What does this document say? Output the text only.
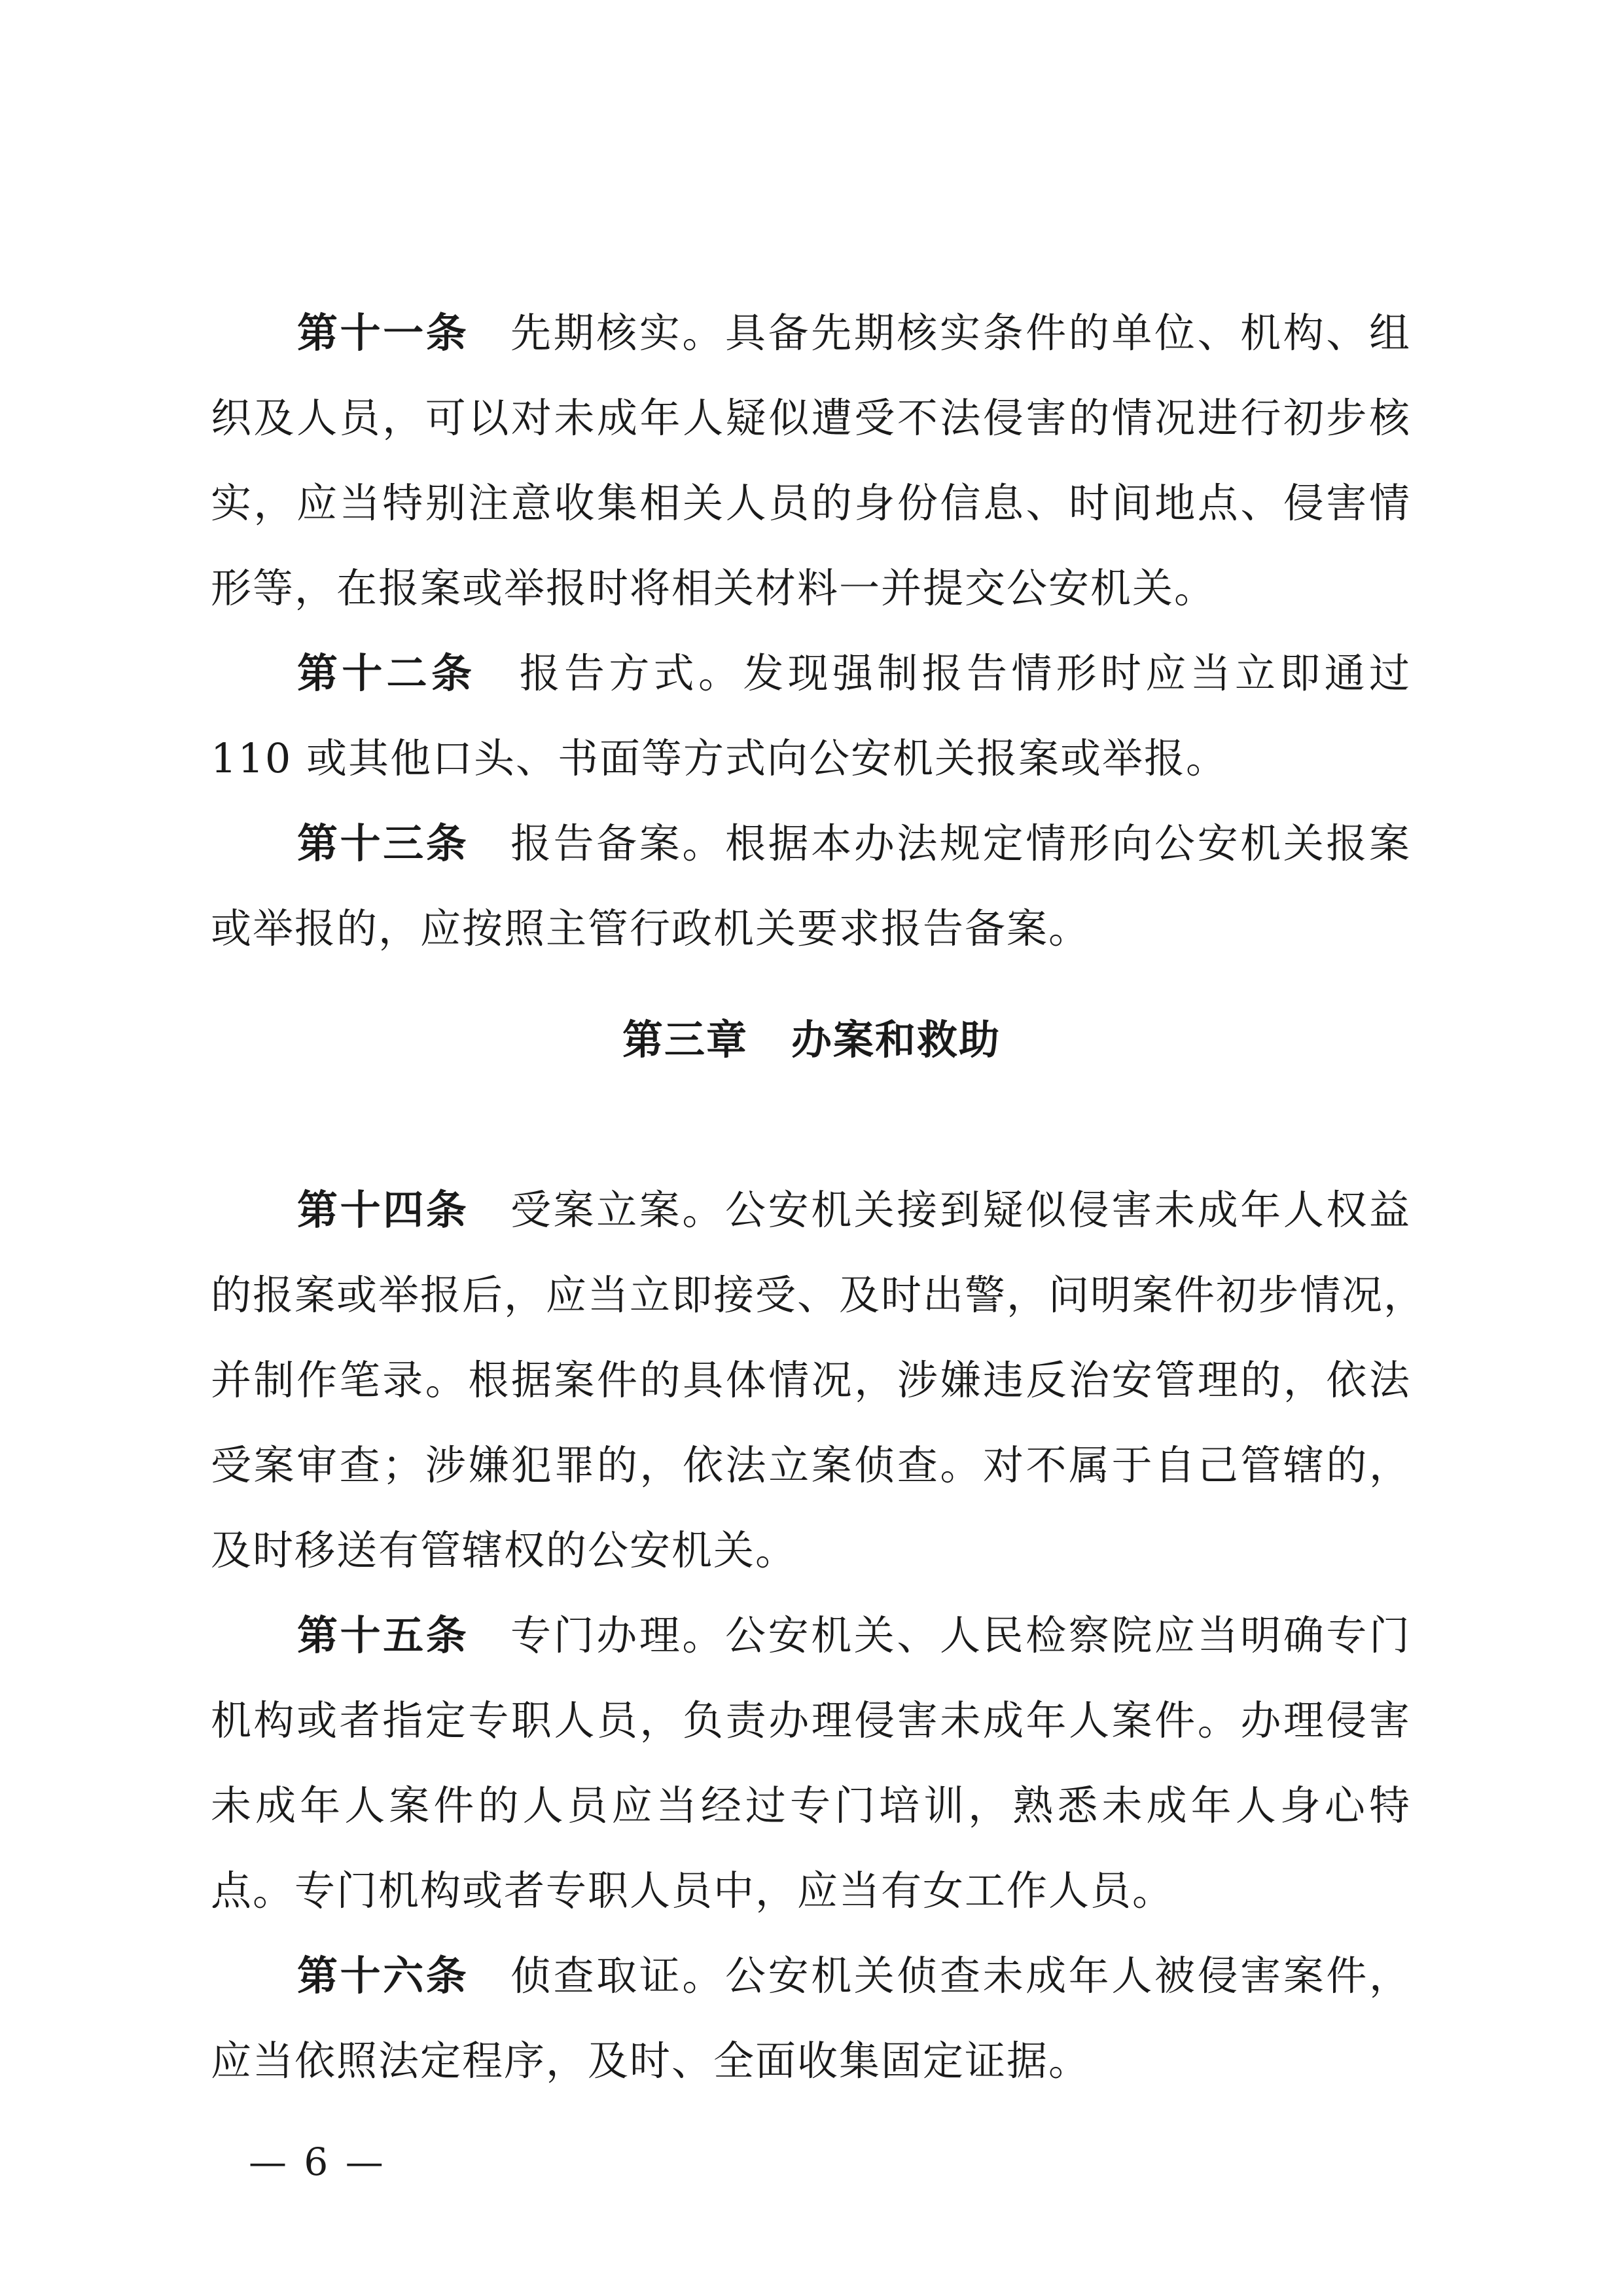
第十一条 先期核实。具备先期核实条件的单位、机构、组
织及人员，可以对未成年人疑似遭受不法侵害的情况进行初步核
实，应当特别注意收集相关人员的身份信息、时间地点、侵害情
形等，在报案或举报时将相关材料一并提交公安机关。
第十二条 报告方式。发现强制报告情形时应当立即通过
110 或其他口头、书面等方式向公安机关报案或举报。
第十三条 报告备案。根据本办法规定情形向公安机关报案
或举报的，应按照主管行政机关要求报告备案。
第三章 办案和救助
第十四条 受案立案。公安机关接到疑似侵害未成年人权益
的报案或举报后，应当立即接受、及时出警，问明案件初步情况，
并制作笔录。根据案件的具体情况，涉嫌违反治安管理的，依法
受案审查；涉嫌犯罪的，依法立案侦查。对不属于自己管辖的，
及时移送有管辖权的公安机关。
第十五条 专门办理。公安机关、人民检察院应当明确专门
机构或者指定专职人员，负责办理侵害未成年人案件。办理侵害
未成年人案件的人员应当经过专门培训，熟悉未成年人身心特
点。专门机构或者专职人员中，应当有女工作人员。
第十六条 侦查取证。公安机关侦查未成年人被侵害案件，
应当依照法定程序，及时、全面收集固定证据。
— 6 —
